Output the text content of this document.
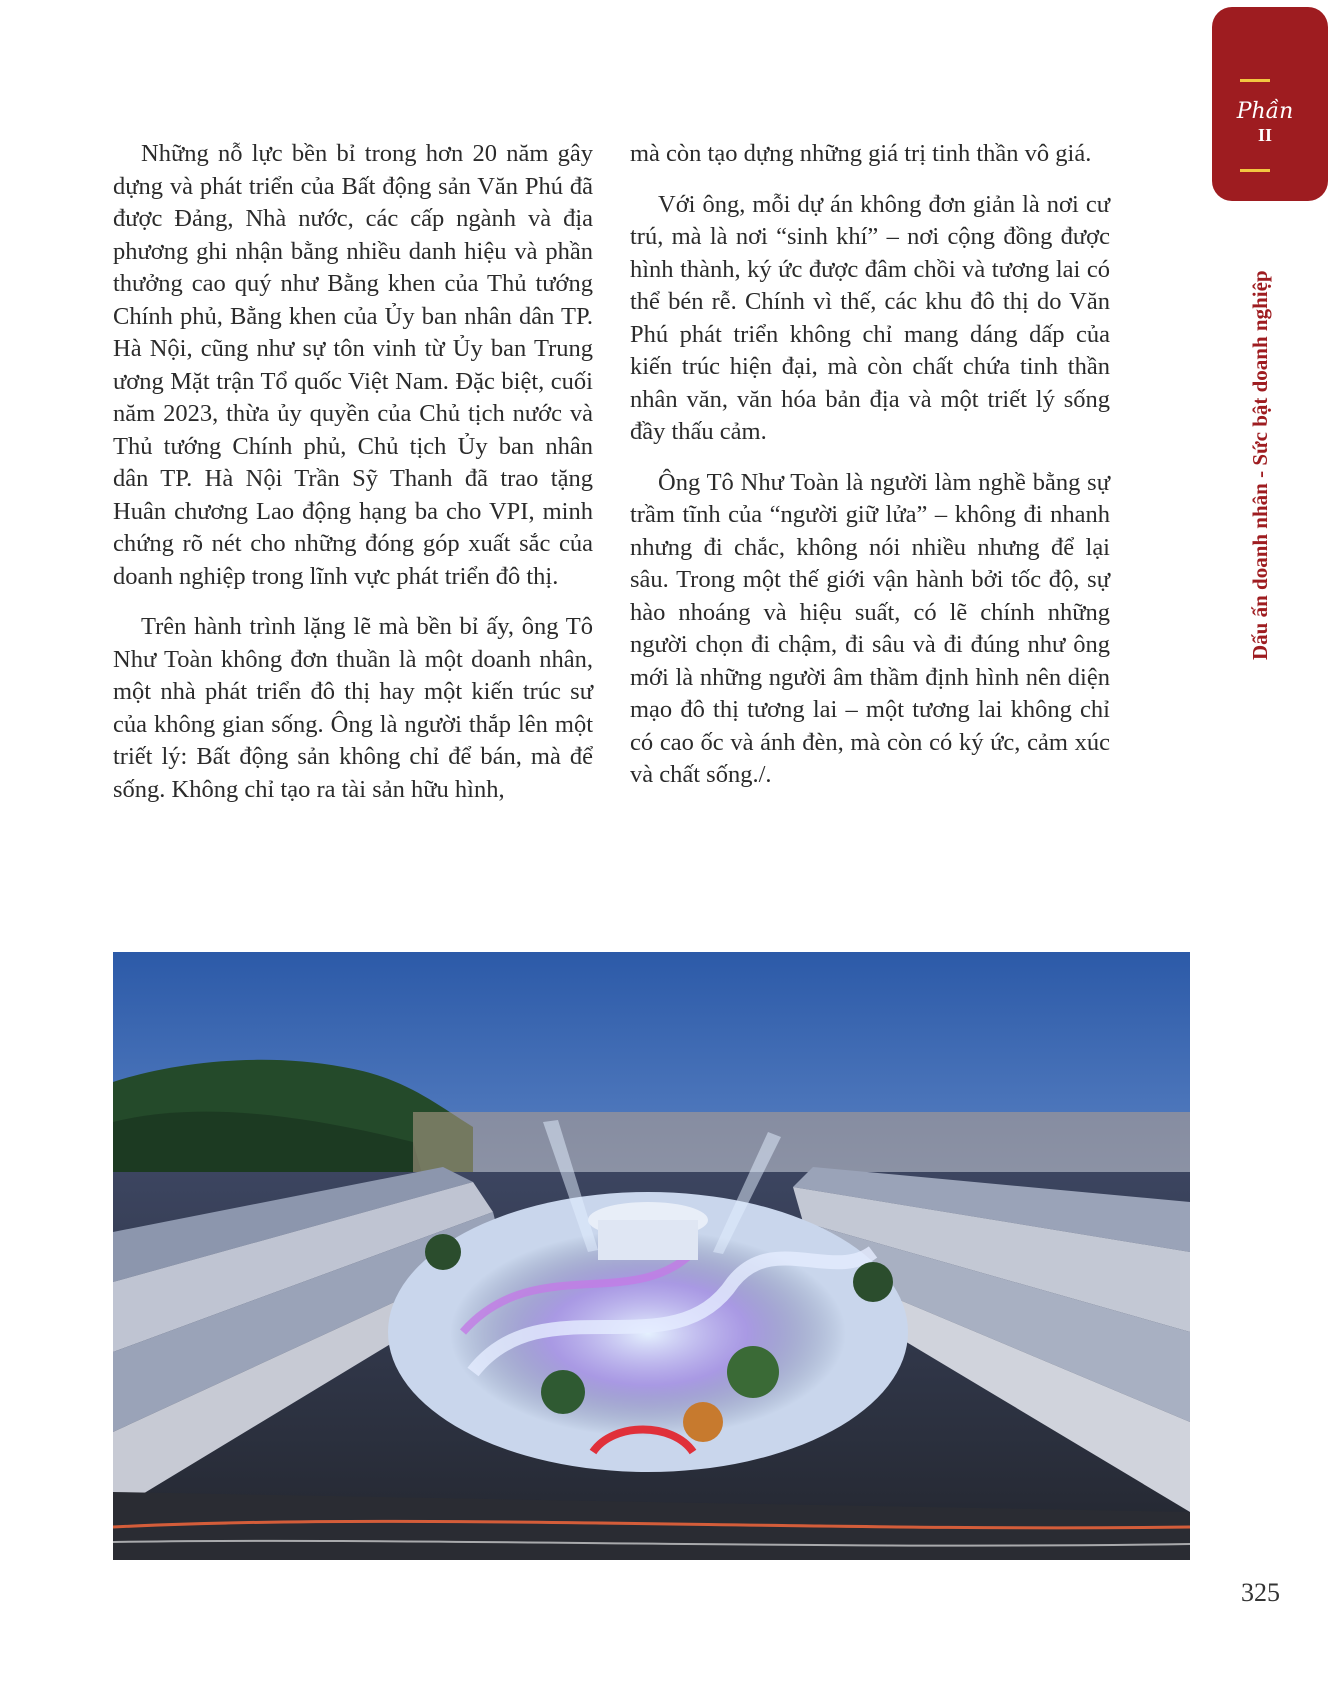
Phần
II
Dấu ấn doanh nhân - Sức bật doanh nghiệp

Những nỗ lực bền bỉ trong hơn 20 năm gây dựng và phát triển của Bất động sản Văn Phú đã được Đảng, Nhà nước, các cấp ngành và địa phương ghi nhận bằng nhiều danh hiệu và phần thưởng cao quý như Bằng khen của Thủ tướng Chính phủ, Bằng khen của Ủy ban nhân dân TP. Hà Nội, cũng như sự tôn vinh từ Ủy ban Trung ương Mặt trận Tổ quốc Việt Nam. Đặc biệt, cuối năm 2023, thừa ủy quyền của Chủ tịch nước và Thủ tướng Chính phủ, Chủ tịch Ủy ban nhân dân TP. Hà Nội Trần Sỹ Thanh đã trao tặng Huân chương Lao động hạng ba cho VPI, minh chứng rõ nét cho những đóng góp xuất sắc của doanh nghiệp trong lĩnh vực phát triển đô thị.

Trên hành trình lặng lẽ mà bền bỉ ấy, ông Tô Như Toàn không đơn thuần là một doanh nhân, một nhà phát triển đô thị hay một kiến trúc sư của không gian sống. Ông là người thắp lên một triết lý: Bất động sản không chỉ để bán, mà để sống. Không chỉ tạo ra tài sản hữu hình,

mà còn tạo dựng những giá trị tinh thần vô giá.

Với ông, mỗi dự án không đơn giản là nơi cư trú, mà là nơi “sinh khí” – nơi cộng đồng được hình thành, ký ức được đâm chồi và tương lai có thể bén rễ. Chính vì thế, các khu đô thị do Văn Phú phát triển không chỉ mang dáng dấp của kiến trúc hiện đại, mà còn chất chứa tinh thần nhân văn, văn hóa bản địa và một triết lý sống đầy thấu cảm.

Ông Tô Như Toàn là người làm nghề bằng sự trầm tĩnh của “người giữ lửa” – không đi nhanh nhưng đi chắc, không nói nhiều nhưng để lại sâu. Trong một thế giới vận hành bởi tốc độ, sự hào nhoáng và hiệu suất, có lẽ chính những người chọn đi chậm, đi sâu và đi đúng như ông mới là những người âm thầm định hình nên diện mạo đô thị tương lai – một tương lai không chỉ có cao ốc và ánh đèn, mà còn có ký ức, cảm xúc và chất sống./.

325
